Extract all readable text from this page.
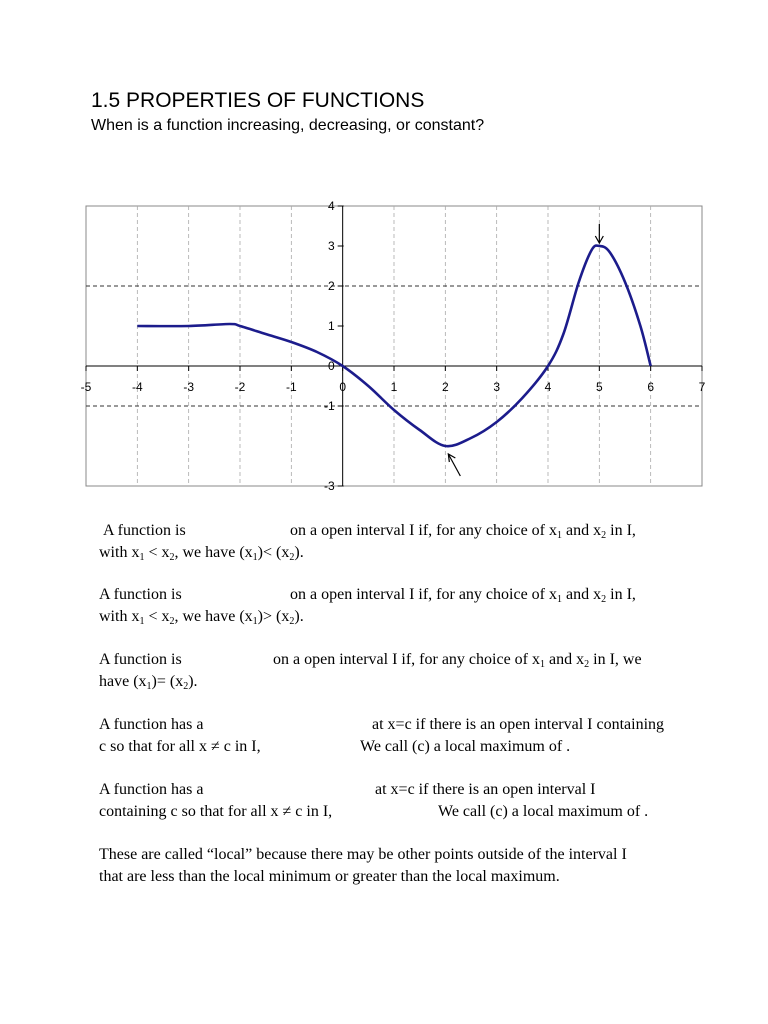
1.5 PROPERTIES OF FUNCTIONS
When is a function increasing, decreasing, or constant?
-5	-4	-3	-2	-1	0	1	2	3	4	5	6	7
4
3
2
1
0
-1
-3
A function is	on a open interval I if, for any choice of $x_1$ and $x_2$ in I,
with $x_1 < x_2$, we have $(x_1)< (x_2)$.
A function is	on a open interval I if, for any choice of $x_1$ and $x_2$ in I,
with $x_1 < x_2$, we have $(x_1)> (x_2)$.
A function is	on a open interval I if, for any choice of $x_1$ and $x_2$ in I, we
have $(x_1)= (x_2)$.
A function has a	at x=c if there is an open interval I containing
c so that for all x ≠ c in I,	We call (c) a local maximum of .
A function has a	at x=c if there is an open interval I
containing c so that for all x ≠ c in I,	We call (c) a local maximum of .
These are called “local” because there may be other points outside of the interval I
that are less than the local minimum or greater than the local maximum.
